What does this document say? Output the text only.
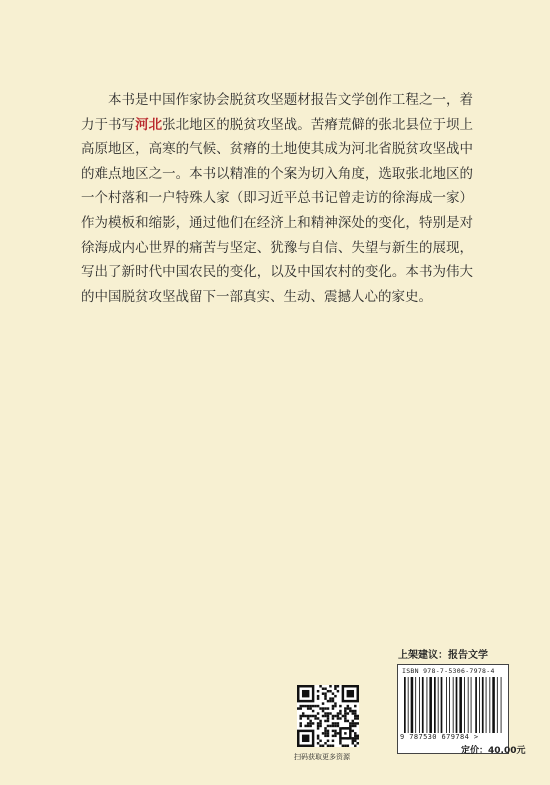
本书是中国作家协会脱贫攻坚题材报告文学创作工程之一，着力于书写河北张北地区的脱贫攻坚战。苦瘠荒僻的张北县位于坝上高原地区，高寒的气候、贫瘠的土地使其成为河北省脱贫攻坚战中的难点地区之一。本书以精准的个案为切入角度，选取张北地区的一个村落和一户特殊人家（即习近平总书记曾走访的徐海成一家）作为模板和缩影，通过他们在经济上和精神深处的变化，特别是对徐海成内心世界的痛苦与坚定、犹豫与自信、失望与新生的展现，写出了新时代中国农民的变化，以及中国农村的变化。本书为伟大的中国脱贫攻坚战留下一部真实、生动、震撼人心的家史。

上架建议：报告文学
ISBN 978-7-5306-7978-4
9 787530 679784 >
定价：40.00元
扫码获取更多资源
